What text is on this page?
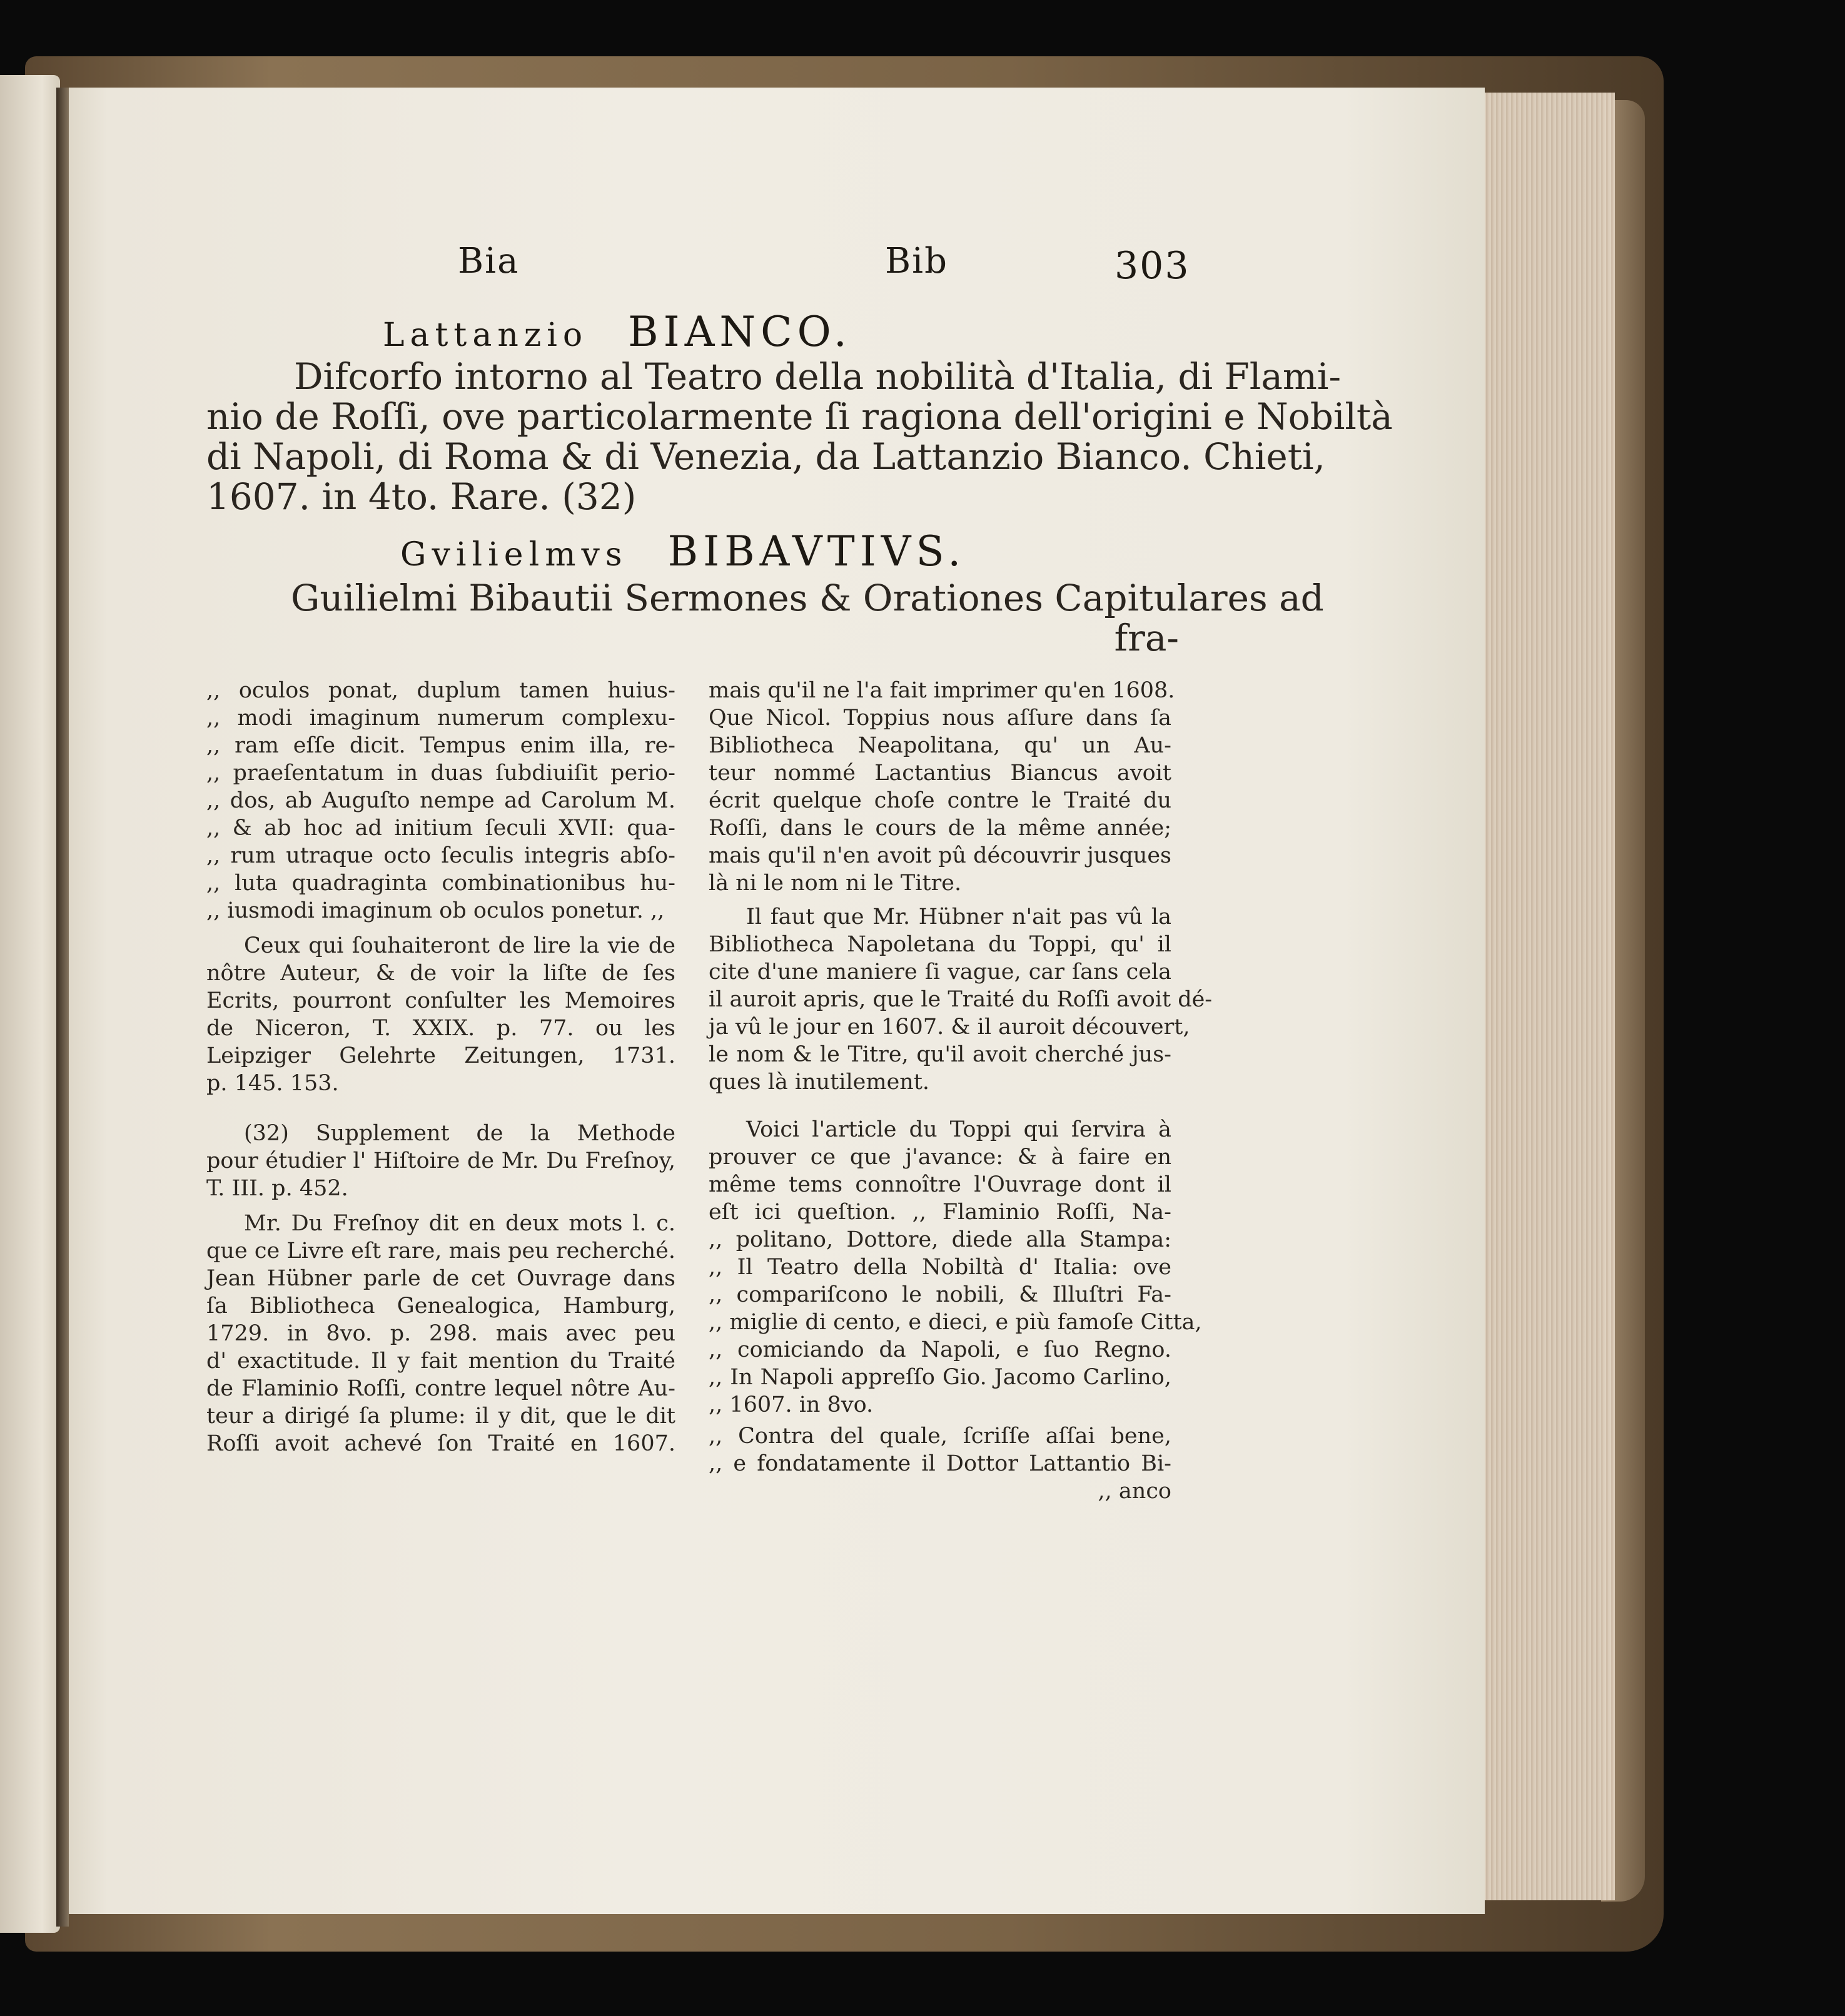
Bia	Bib	303
Lattanzio BIANCO.
Difcorfo intorno al Teatro della nobilità d'Italia, di Flami-
nio de Roſſi, ove particolarmente ſi ragiona dell'origini e Nobiltà
di Napoli, di Roma & di Venezia, da Lattanzio Bianco. Chieti,
1607. in 4to. Rare. (32)
Gvilielmvs BIBAVTIVS.
Guilielmi Bibautii Sermones & Orationes Capitulares ad
fra-
,, oculos ponat, duplum tamen huius-
,, modi imaginum numerum complexu-
,, ram eſſe dicit. Tempus enim illa, re-
,, praeſentatum in duas ſubdiuiſit perio-
,, dos, ab Auguſto nempe ad Carolum M.
,, & ab hoc ad initium ſeculi XVII: qua-
,, rum utraque octo ſeculis integris abſo-
,, luta quadraginta combinationibus hu-
,, iusmodi imaginum ob oculos ponetur. ,,
Ceux qui ſouhaiteront de lire la vie de
nôtre Auteur, & de voir la liſte de ſes
Ecrits, pourront conſulter les Memoires
de Niceron, T. XXIX. p. 77. ou les
Leipziger Gelehrte Zeitungen, 1731.
p. 145. 153.
(32) Supplement de la Methode
pour étudier l' Hiſtoire de Mr. Du Freſnoy,
T. III. p. 452.
Mr. Du Freſnoy dit en deux mots l. c.
que ce Livre eſt rare, mais peu recherché.
Jean Hübner parle de cet Ouvrage dans
ſa Bibliotheca Genealogica, Hamburg,
1729. in 8vo. p. 298. mais avec peu
d' exactitude. Il y fait mention du Traité
de Flaminio Roſſi, contre lequel nôtre Au-
teur a dirigé ſa plume: il y dit, que le dit
Roſſi avoit achevé ſon Traité en 1607.
mais qu'il ne l'a fait imprimer qu'en 1608.
Que Nicol. Toppius nous aſſure dans ſa
Bibliotheca Neapolitana, qu' un Au-
teur nommé Lactantius Biancus avoit
écrit quelque choſe contre le Traité du
Roſſi, dans le cours de la même année;
mais qu'il n'en avoit pû découvrir jusques
là ni le nom ni le Titre.
Il faut que Mr. Hübner n'ait pas vû la
Bibliotheca Napoletana du Toppi, qu' il
cite d'une maniere ſi vague, car ſans cela
il auroit apris, que le Traité du Roſſi avoit dé-
ja vû le jour en 1607. & il auroit découvert,
le nom & le Titre, qu'il avoit cherché jus-
ques là inutilement.
Voici l'article du Toppi qui ſervira à
prouver ce que j'avance: & à faire en
même tems connoître l'Ouvrage dont il
eſt ici queſtion. ,, Flaminio Roſſi, Na-
,, politano, Dottore, diede alla Stampa:
,, Il Teatro della Nobiltà d' Italia: ove
,, compariſcono le nobili, & Illuſtri Fa-
,, miglie di cento, e dieci, e più famoſe Citta,
,, comiciando da Napoli, e ſuo Regno.
,, In Napoli appreſſo Gio. Jacomo Carlino,
,, 1607. in 8vo.
,, Contra del quale, ſcriſſe aſſai bene,
,, e fondatamente il Dottor Lattantio Bi-
,, anco
